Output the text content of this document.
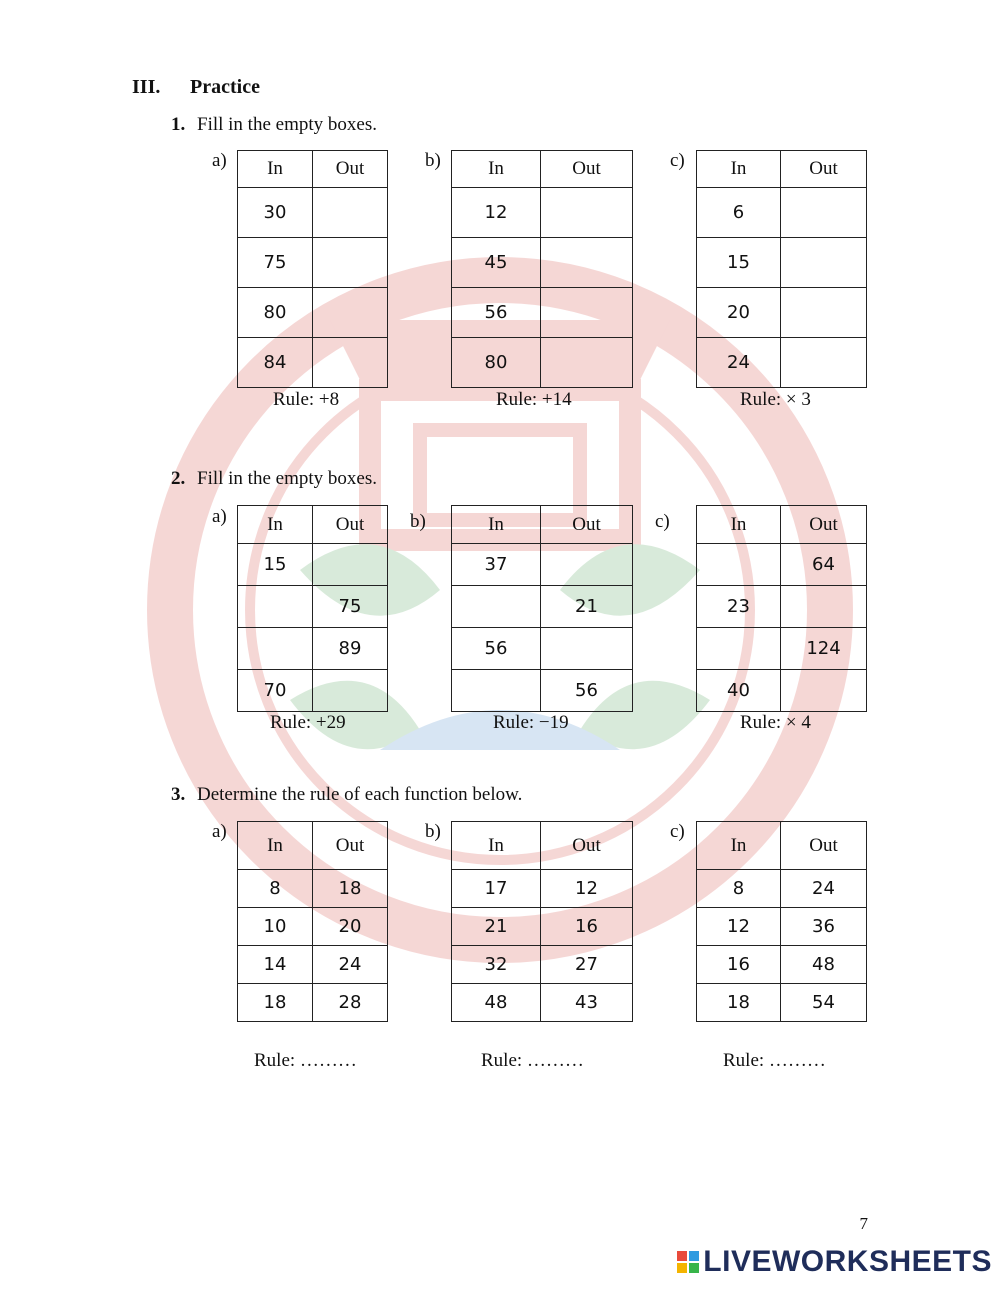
III. Practice
1. Fill in the empty boxes.
a) In	Out
30	
75	
80	
84	
Rule: +8
b) In	Out
12	
45	
56	
80	
Rule: +14
c) In	Out
6	
15	
20	
24	
Rule: × 3
2. Fill in the empty boxes.
a) In	Out
15	
	75
	89
70	
Rule: +29
b)	In	Out
37	
	21
56	
	56
Rule: −19
c)	In	Out
	64
23	
	124
40	
Rule: × 4
3. Determine the rule of each function below.
a)
In	Out
8	18
10	20
14	24
18	28
Rule: ………
b)
In	Out
17	12
21	16
32	27
48	43
Rule: ………
c)
In	Out
8	24
12	36
16	48
18	54
Rule: ………
7
LIVEWORKSHEETS
